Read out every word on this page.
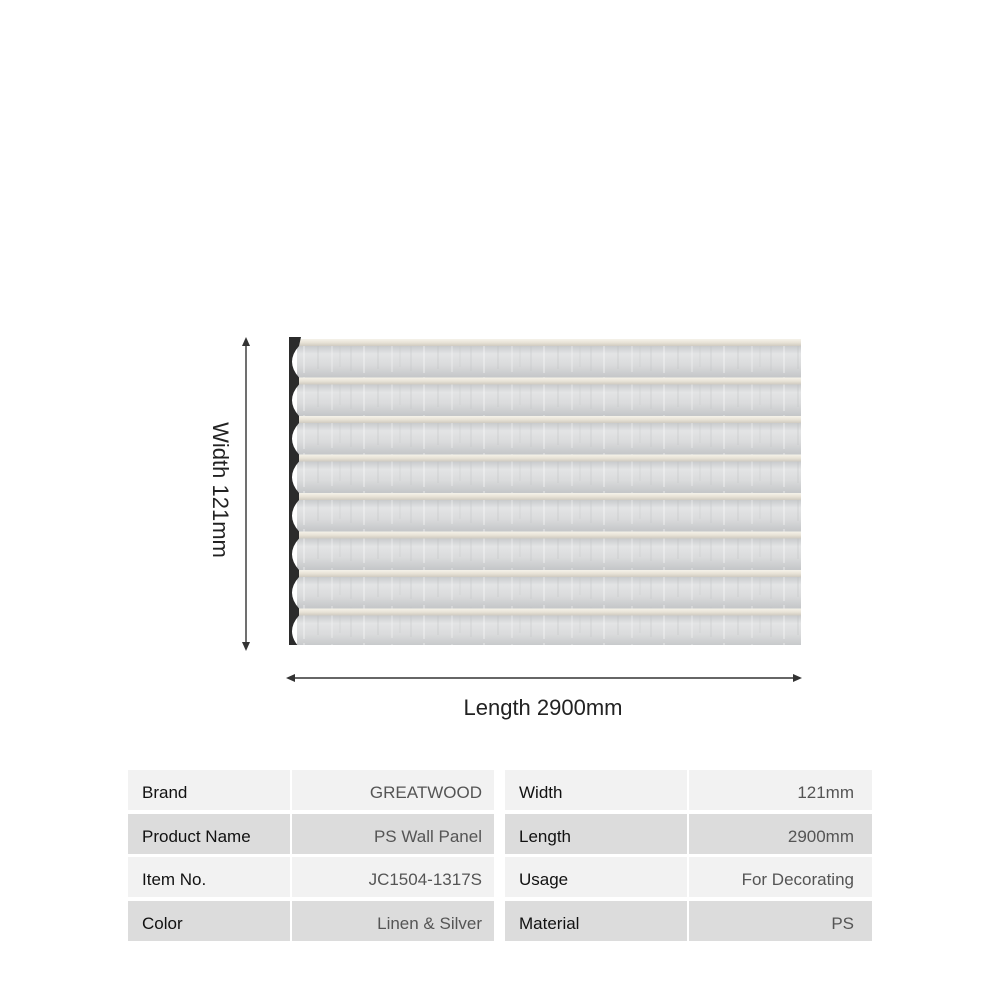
Width 121mm
Length 2900mm
Brand	GREATWOOD	Width	121mm
Product Name	PS Wall Panel	Length	2900mm
Item No.	JC1504-1317S	Usage	For Decorating
Color	Linen & Silver	Material	PS
